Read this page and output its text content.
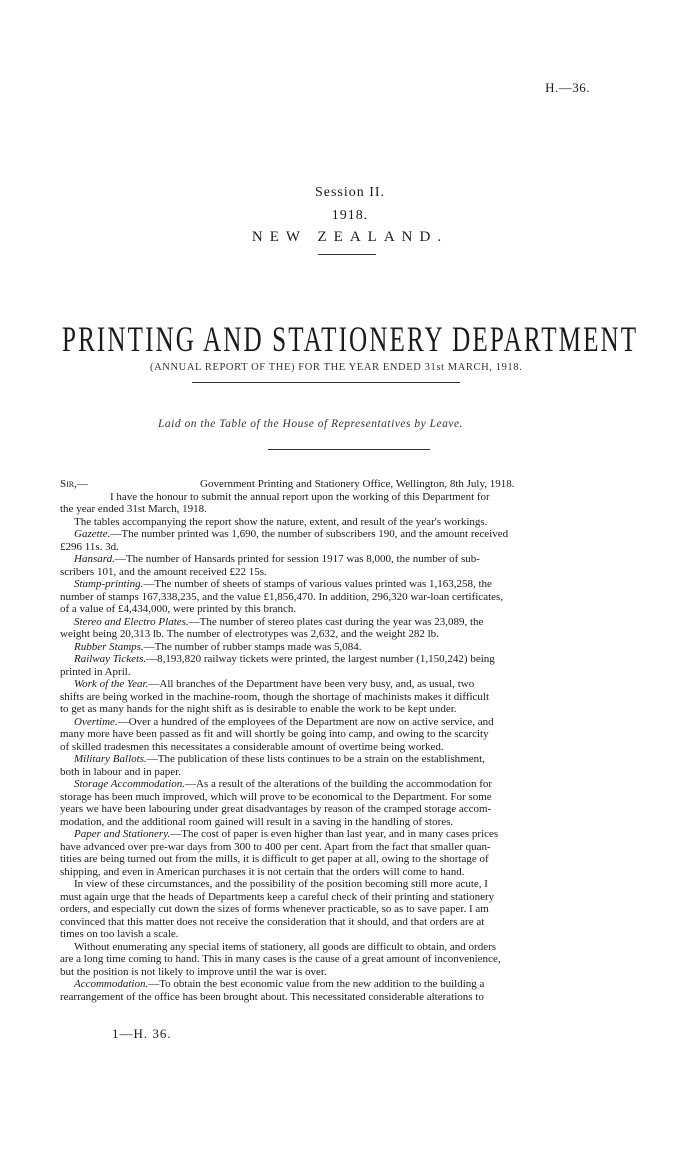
H.—36.
Session II.
1918.
NEW ZEALAND.
PRINTING AND STATIONERY DEPARTMENT
(ANNUAL REPORT OF THE) FOR THE YEAR ENDED 31st MARCH, 1918.
Laid on the Table of the House of Representatives by Leave.
Sir,—	Government Printing and Stationery Office, Wellington, 8th July, 1918.
I have the honour to submit the annual report upon the working of this Department for
the year ended 31st March, 1918.
The tables accompanying the report show the nature, extent, and result of the year's workings.
Gazette.—The number printed was 1,690, the number of subscribers 190, and the amount received
£296 11s. 3d.
Hansard.—The number of Hansards printed for session 1917 was 8,000, the number of sub-
scribers 101, and the amount received £22 15s.
Stamp-printing.—The number of sheets of stamps of various values printed was 1,163,258, the
number of stamps 167,338,235, and the value £1,856,470. In addition, 296,320 war-loan certificates,
of a value of £4,434,000, were printed by this branch.
Stereo and Electro Plates.—The number of stereo plates cast during the year was 23,089, the
weight being 20,313 lb. The number of electrotypes was 2,632, and the weight 282 lb.
Rubber Stamps.—The number of rubber stamps made was 5,084.
Railway Tickets.—8,193,820 railway tickets were printed, the largest number (1,150,242) being
printed in April.
Work of the Year.—All branches of the Department have been very busy, and, as usual, two
shifts are being worked in the machine-room, though the shortage of machinists makes it difficult
to get as many hands for the night shift as is desirable to enable the work to be kept under.
Overtime.—Over a hundred of the employees of the Department are now on active service, and
many more have been passed as fit and will shortly be going into camp, and owing to the scarcity
of skilled tradesmen this necessitates a considerable amount of overtime being worked.
Military Ballots.—The publication of these lists continues to be a strain on the establishment,
both in labour and in paper.
Storage Accommodation.—As a result of the alterations of the building the accommodation for
storage has been much improved, which will prove to be economical to the Department. For some
years we have been labouring under great disadvantages by reason of the cramped storage accom-
modation, and the additional room gained will result in a saving in the handling of stores.
Paper and Stationery.—The cost of paper is even higher than last year, and in many cases prices
have advanced over pre-war days from 300 to 400 per cent. Apart from the fact that smaller quan-
tities are being turned out from the mills, it is difficult to get paper at all, owing to the shortage of
shipping, and even in American purchases it is not certain that the orders will come to hand.
In view of these circumstances, and the possibility of the position becoming still more acute, I
must again urge that the heads of Departments keep a careful check of their printing and stationery
orders, and especially cut down the sizes of forms whenever practicable, so as to save paper. I am
convinced that this matter does not receive the consideration that it should, and that orders are at
times on too lavish a scale.
Without enumerating any special items of stationery, all goods are difficult to obtain, and orders
are a long time coming to hand. This in many cases is the cause of a great amount of inconvenience,
but the position is not likely to improve until the war is over.
Accommodation.—To obtain the best economic value from the new addition to the building a
rearrangement of the office has been brought about. This necessitated considerable alterations to
1—H. 36.
